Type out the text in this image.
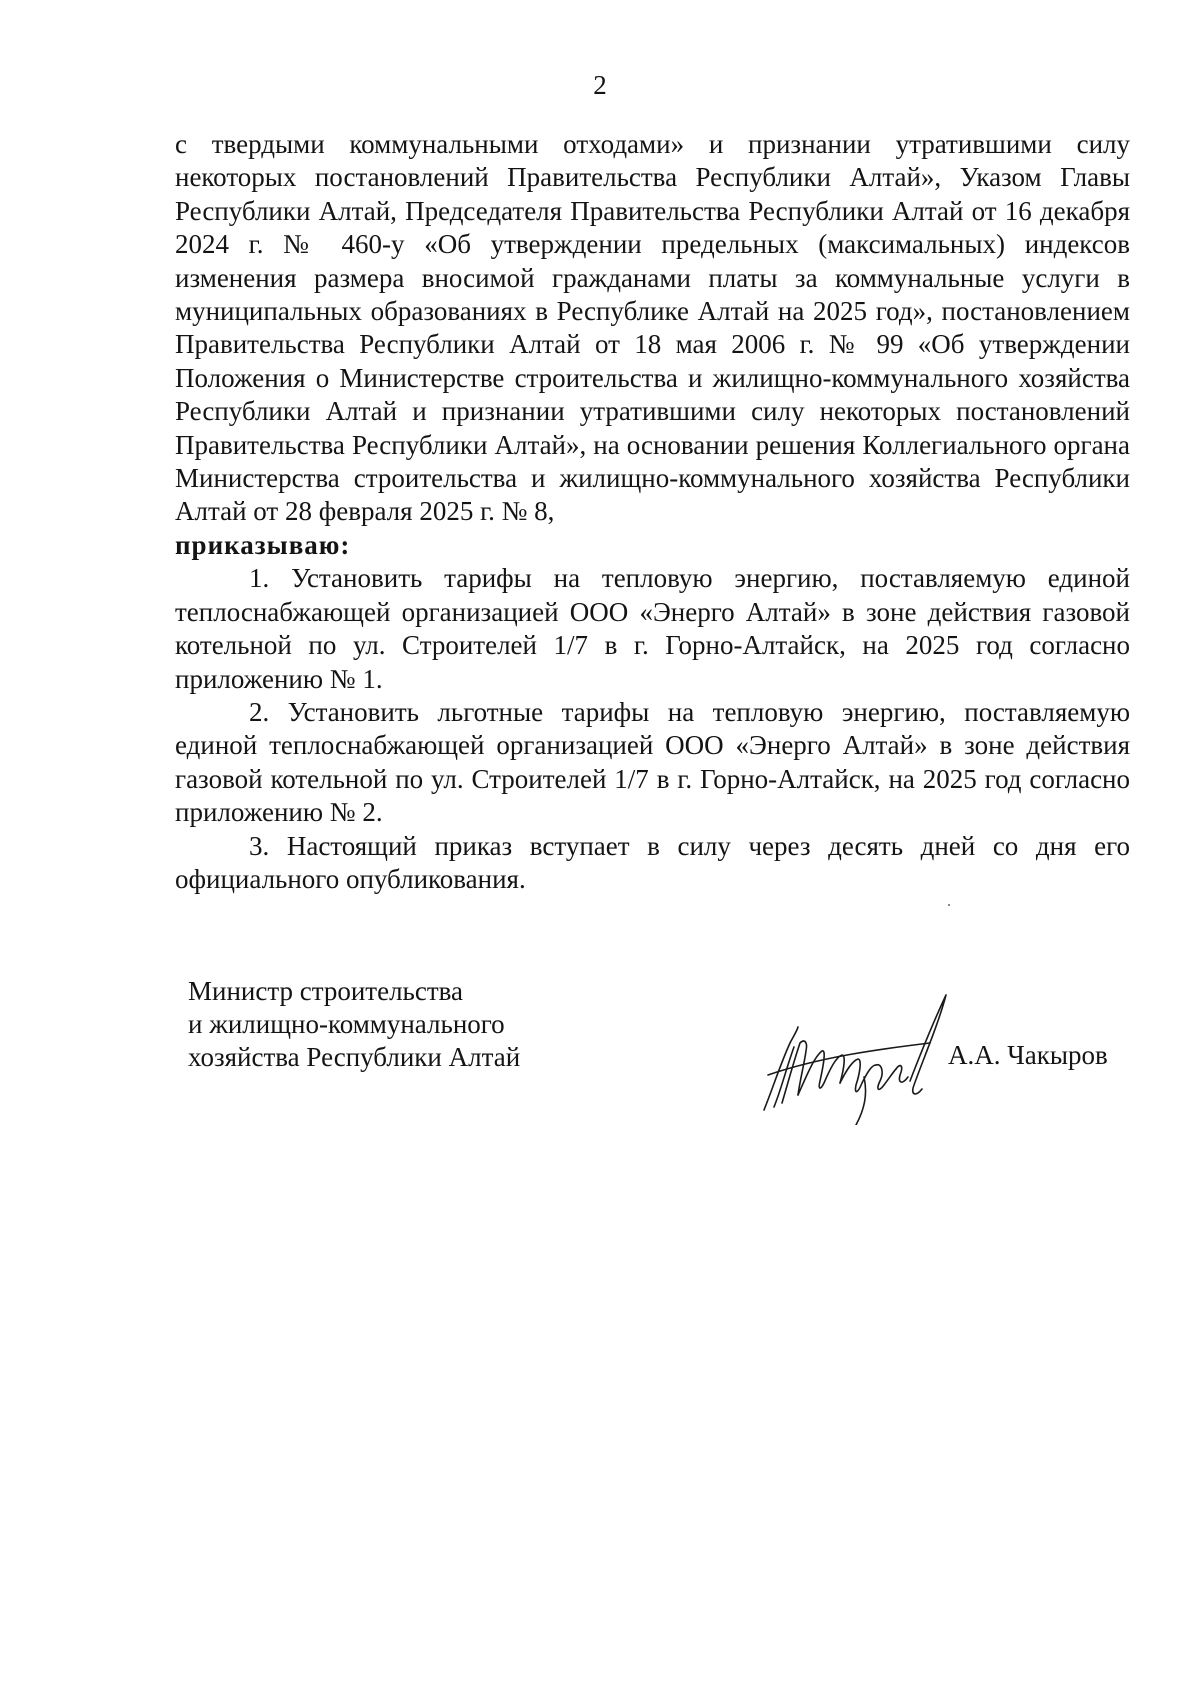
2

с твердыми коммунальными отходами» и признании утратившими силу некоторых постановлений Правительства Республики Алтай», Указом Главы Республики Алтай, Председателя Правительства Республики Алтай от 16 декабря 2024 г. № 460-у «Об утверждении предельных (максимальных) индексов изменения размера вносимой гражданами платы за коммунальные услуги в муниципальных образованиях в Республике Алтай на 2025 год», постановлением Правительства Республики Алтай от 18 мая 2006 г. № 99 «Об утверждении Положения о Министерстве строительства и жилищно-коммунального хозяйства Республики Алтай и признании утратившими силу некоторых постановлений Правительства Республики Алтай», на основании решения Коллегиального органа Министерства строительства и жилищно-коммунального хозяйства Республики Алтай от 28 февраля 2025 г. № 8,

приказываю:

1. Установить тарифы на тепловую энергию, поставляемую единой теплоснабжающей организацией ООО «Энерго Алтай» в зоне действия газовой котельной по ул. Строителей 1/7 в г. Горно-Алтайск, на 2025 год согласно приложению № 1.

2. Установить льготные тарифы на тепловую энергию, поставляемую единой теплоснабжающей организацией ООО «Энерго Алтай» в зоне действия газовой котельной по ул. Строителей 1/7 в г. Горно-Алтайск, на 2025 год согласно приложению № 2.

3. Настоящий приказ вступает в силу через десять дней со дня его официального опубликования.

Министр строительства
и жилищно-коммунального
хозяйства Республики Алтай	А.А. Чакыров
